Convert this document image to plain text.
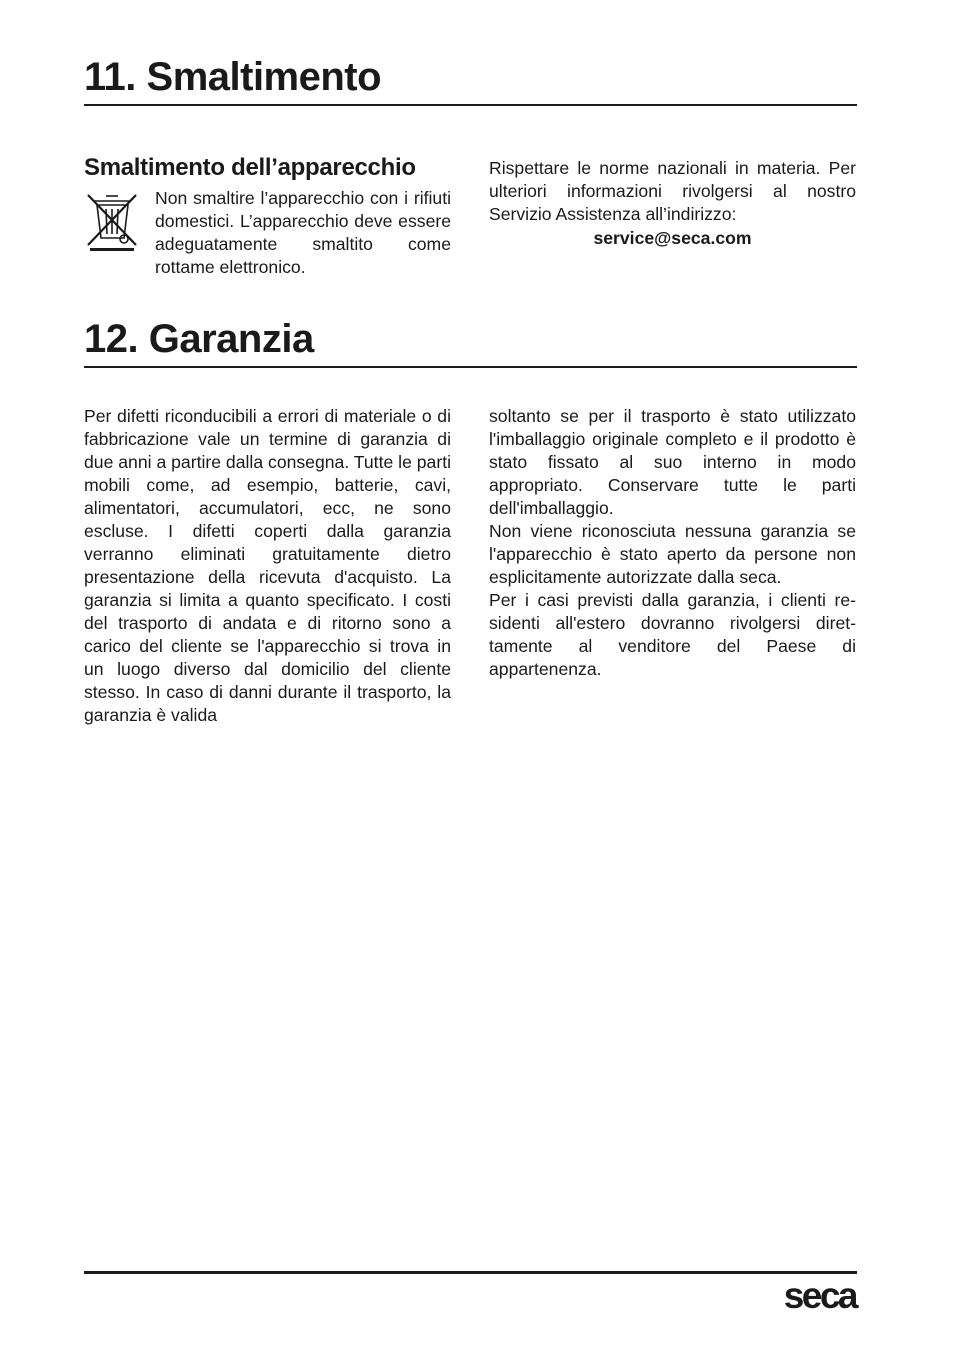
11. Smaltimento
Smaltimento dell’apparecchio

Non smaltire l’apparecchio con i rifiuti domestici. L’apparecchio deve essere adeguatamente smaltito come rottame elettronico.

Rispettare le norme nazionali in materia. Per ulteriori informazioni rivolgersi al nostro Servizio Assistenza all’indirizzo:

service@seca.com
12. Garanzia

Per difetti riconducibili a errori di materiale o di fabbricazione vale un termine di garanzia di due anni a partire dalla consegna. Tutte le parti mobili come, ad esempio, batterie, cavi, alimentatori, accumulatori, ecc, ne sono escluse. I difetti coperti dalla garanzia verranno eliminati gratuitamente dietro presentazione della ricevuta d'acquisto. La garanzia si limita a quanto specificato. I costi del trasporto di andata e di ritorno sono a carico del cliente se l'apparecchio si trova in un luogo diverso dal domicilio del cliente stesso. In caso di danni durante il trasporto, la garanzia è valida

soltanto se per il trasporto è stato utilizzato l'imballaggio originale completo e il prodotto è stato fissato al suo interno in modo appropriato. Conservare tutte le parti dell'imballaggio.

Non viene riconosciuta nessuna garanzia se l'apparecchio è stato aperto da persone non esplicitamente autorizzate dalla seca.

Per i casi previsti dalla garanzia, i clienti residenti all'estero dovranno rivolgersi direttamente al venditore del Paese di appartenenza.

seca
